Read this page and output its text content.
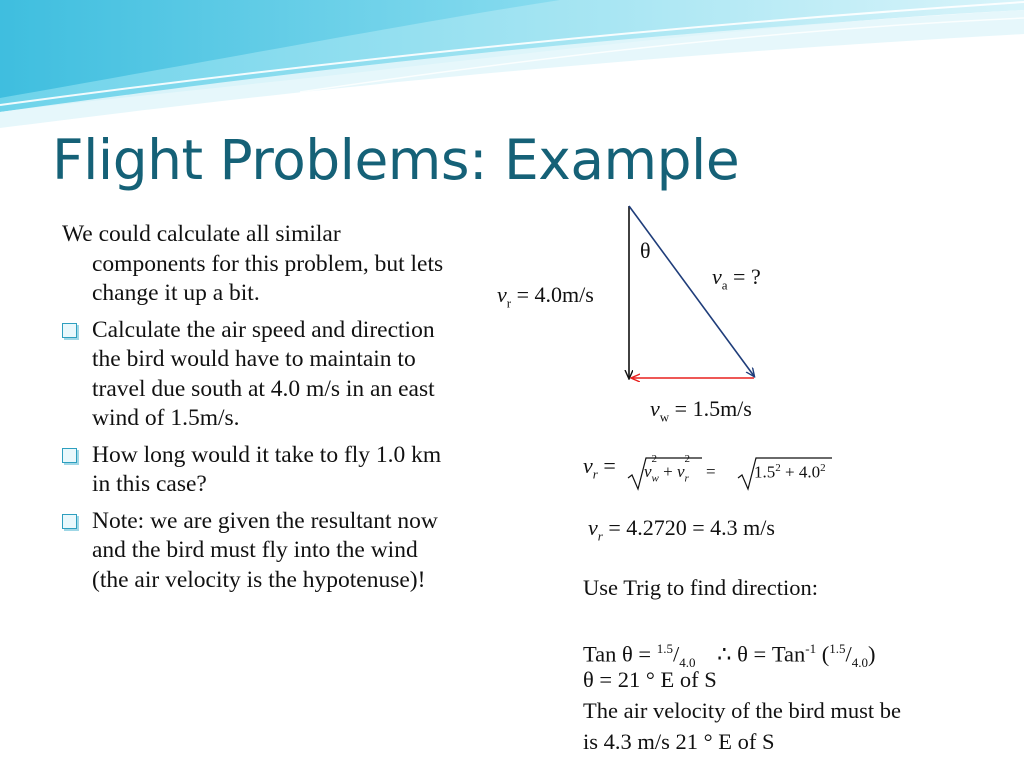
Flight Problems: Example

We could calculate all similar components for this problem, but lets change it up a bit.

Calculate the air speed and direction the bird would have to maintain to travel due south at 4.0 m/s in an east wind of 1.5m/s.
How long would it take to fly 1.0 km in this case?
Note: we are given the resultant now and the bird must fly into the wind (the air velocity is the hypotenuse)!
θ
$v_a$ = ?
$v_r = 4.0m/s$
$v_w = 1.5m/s$
$v_r = v$
2
$_w$ + v
2
$_r = 1.5^2 + 4.0^2$
$v_r = 4.2720 = 4.3$ m/s
Use Trig to find direction:
Tan $\theta = ^{1.5}/_{4.0}$ ∴ θ = Tan$^{-1}$ $(^{1.5}/_{4.0})$
θ = 21 ° E of S
The air velocity of the bird must be
is 4.3 m/s 21 ° E of S
